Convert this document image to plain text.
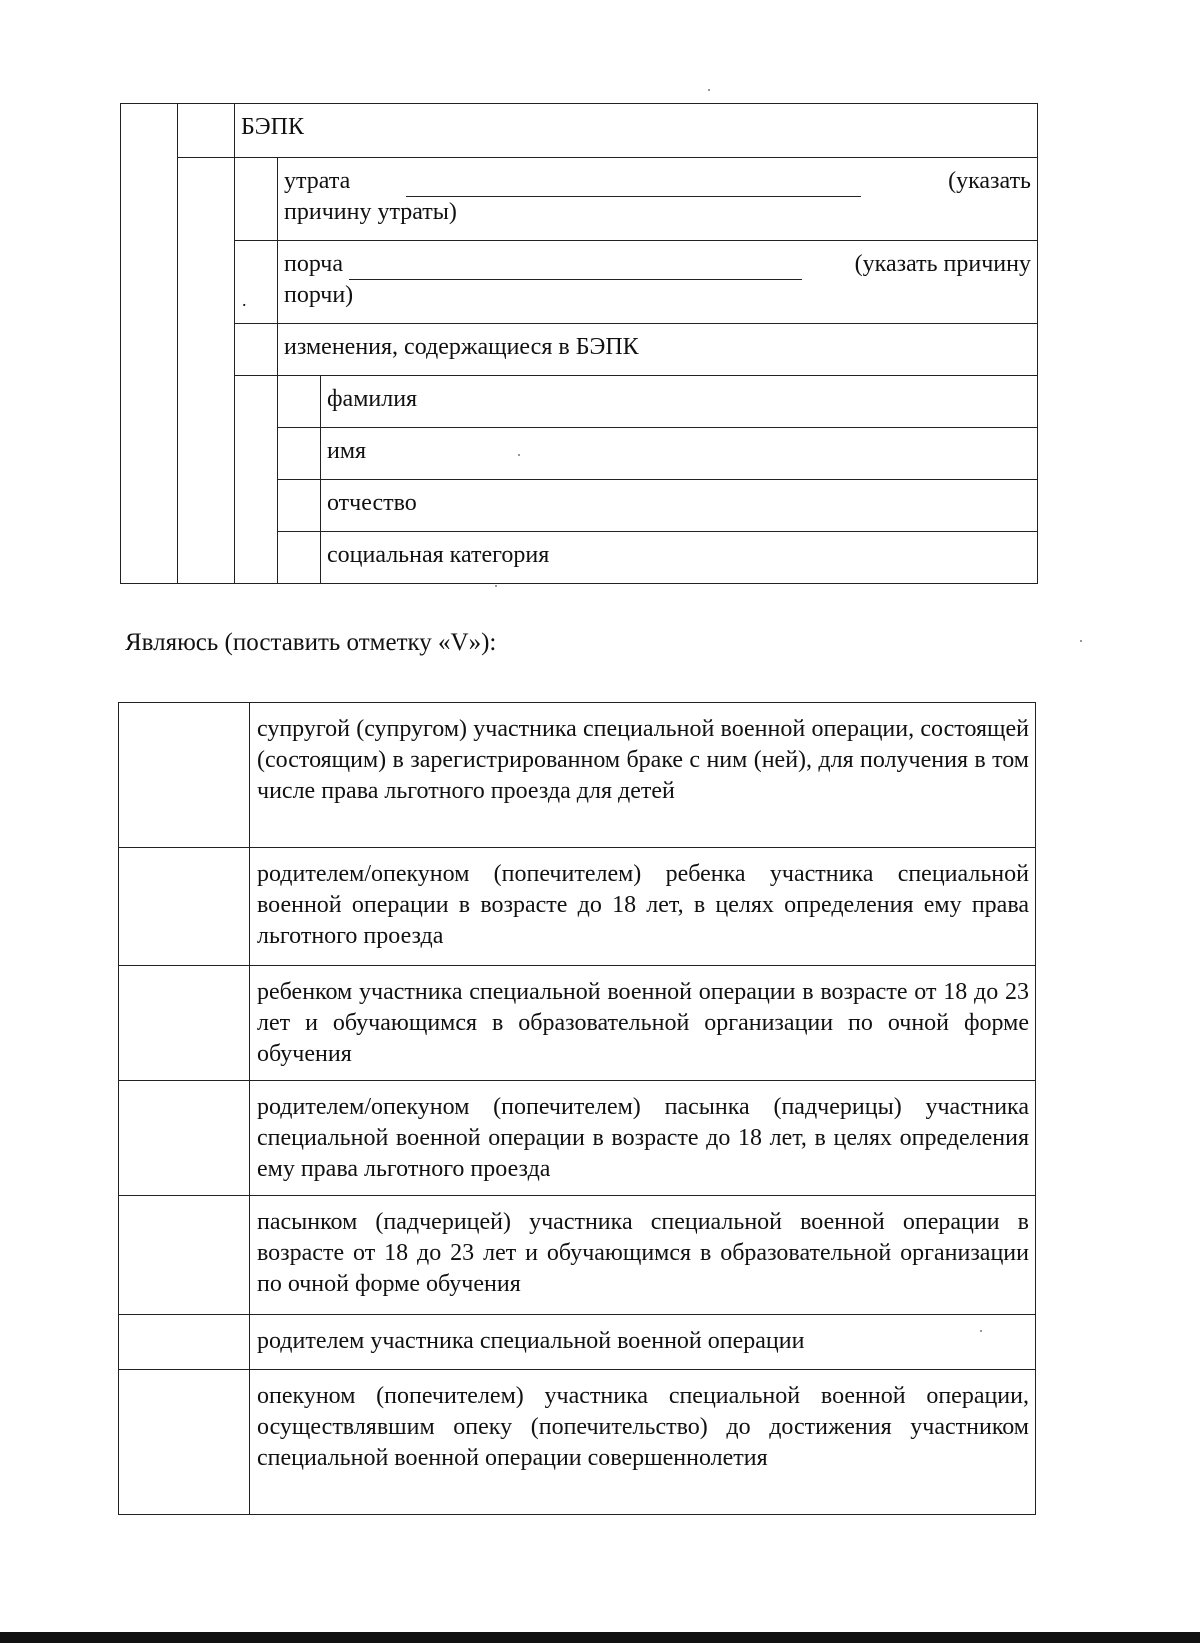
		БЭПК		

			утрата (указать
причину утраты)	

		.	порча (указать причину
порчи)	

			изменения, содержащиеся в БЭПК	
				фамилия
				имя
				отчество
				социальная категория
Являюсь (поставить отметку «V»):
	супругой (супругом) участника специальной военной операции, состоящей (состоящим) в зарегистрированном браке с ним (ней), для получения в том числе права льготного проезда для детей
	родителем/опекуном (попечителем) ребенка участника специальной военной операции в возрасте до 18 лет, в целях определения ему права льготного проезда
	ребенком участника специальной военной операции в возрасте от 18 до 23 лет и обучающимся в образовательной организации по очной форме обучения
	родителем/опекуном (попечителем) пасынка (падчерицы) участника специальной военной операции в возрасте до 18 лет, в целях определения ему права льготного проезда
	пасынком (падчерицей) участника специальной военной операции в возрасте от 18 до 23 лет и обучающимся в образовательной организации по очной форме обучения
	родителем участника специальной военной операции
	опекуном (попечителем) участника специальной военной операции, осуществлявшим опеку (попечительство) до достижения участником специальной военной операции совершеннолетия
